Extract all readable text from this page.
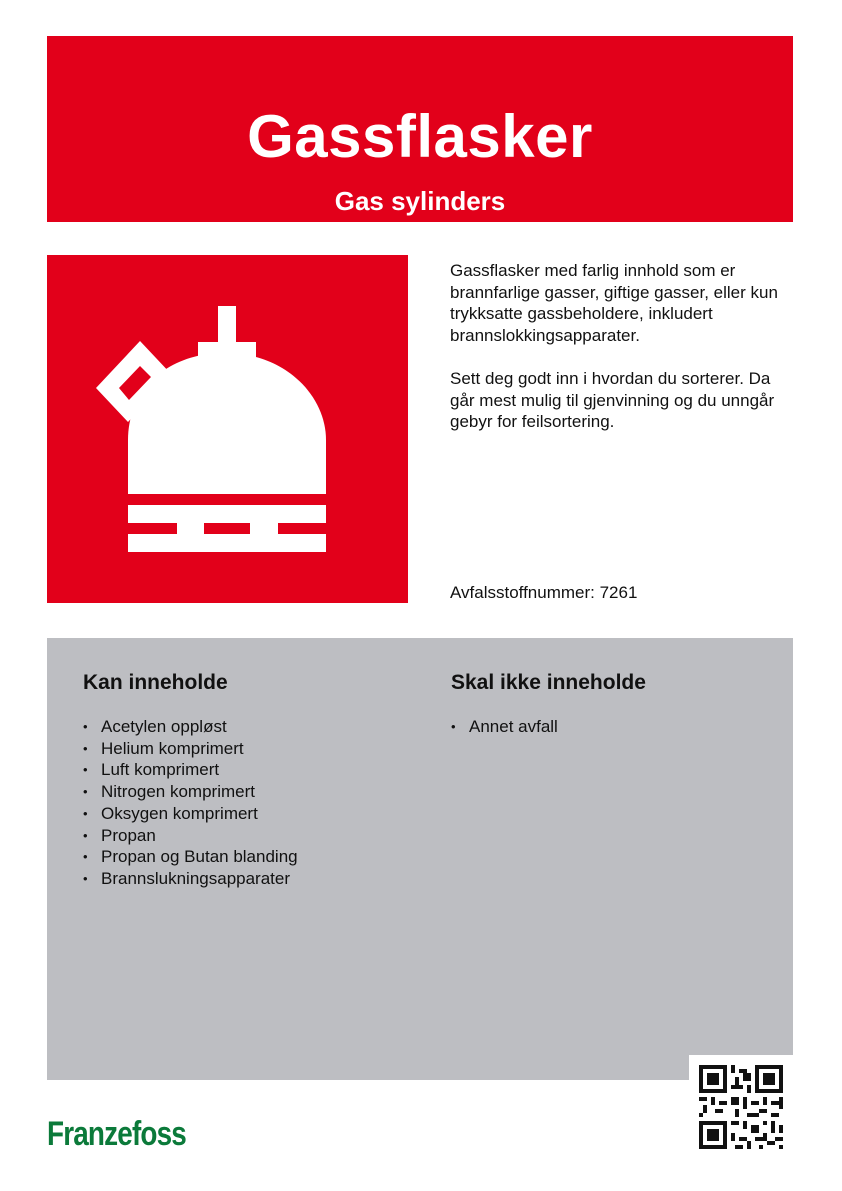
Gassflasker
Gas sylinders

Gassflasker med farlig innhold som er brannfarlige gasser, giftige gasser, eller kun trykksatte gassbeholdere, inkludert brannslokkingsapparater.

Sett deg godt inn i hvordan du sorterer. Da går mest mulig til gjenvinning og du unngår gebyr for feilsortering.

Avfalsstoffnummer: 7261
Kan inneholde
• Acetylen oppløst
• Helium komprimert
• Luft komprimert
• Nitrogen komprimert
• Oksygen komprimert
• Propan
• Propan og Butan blanding
• Brannslukningsapparater
Skal ikke inneholde
• Annet avfall
Franzefoss
